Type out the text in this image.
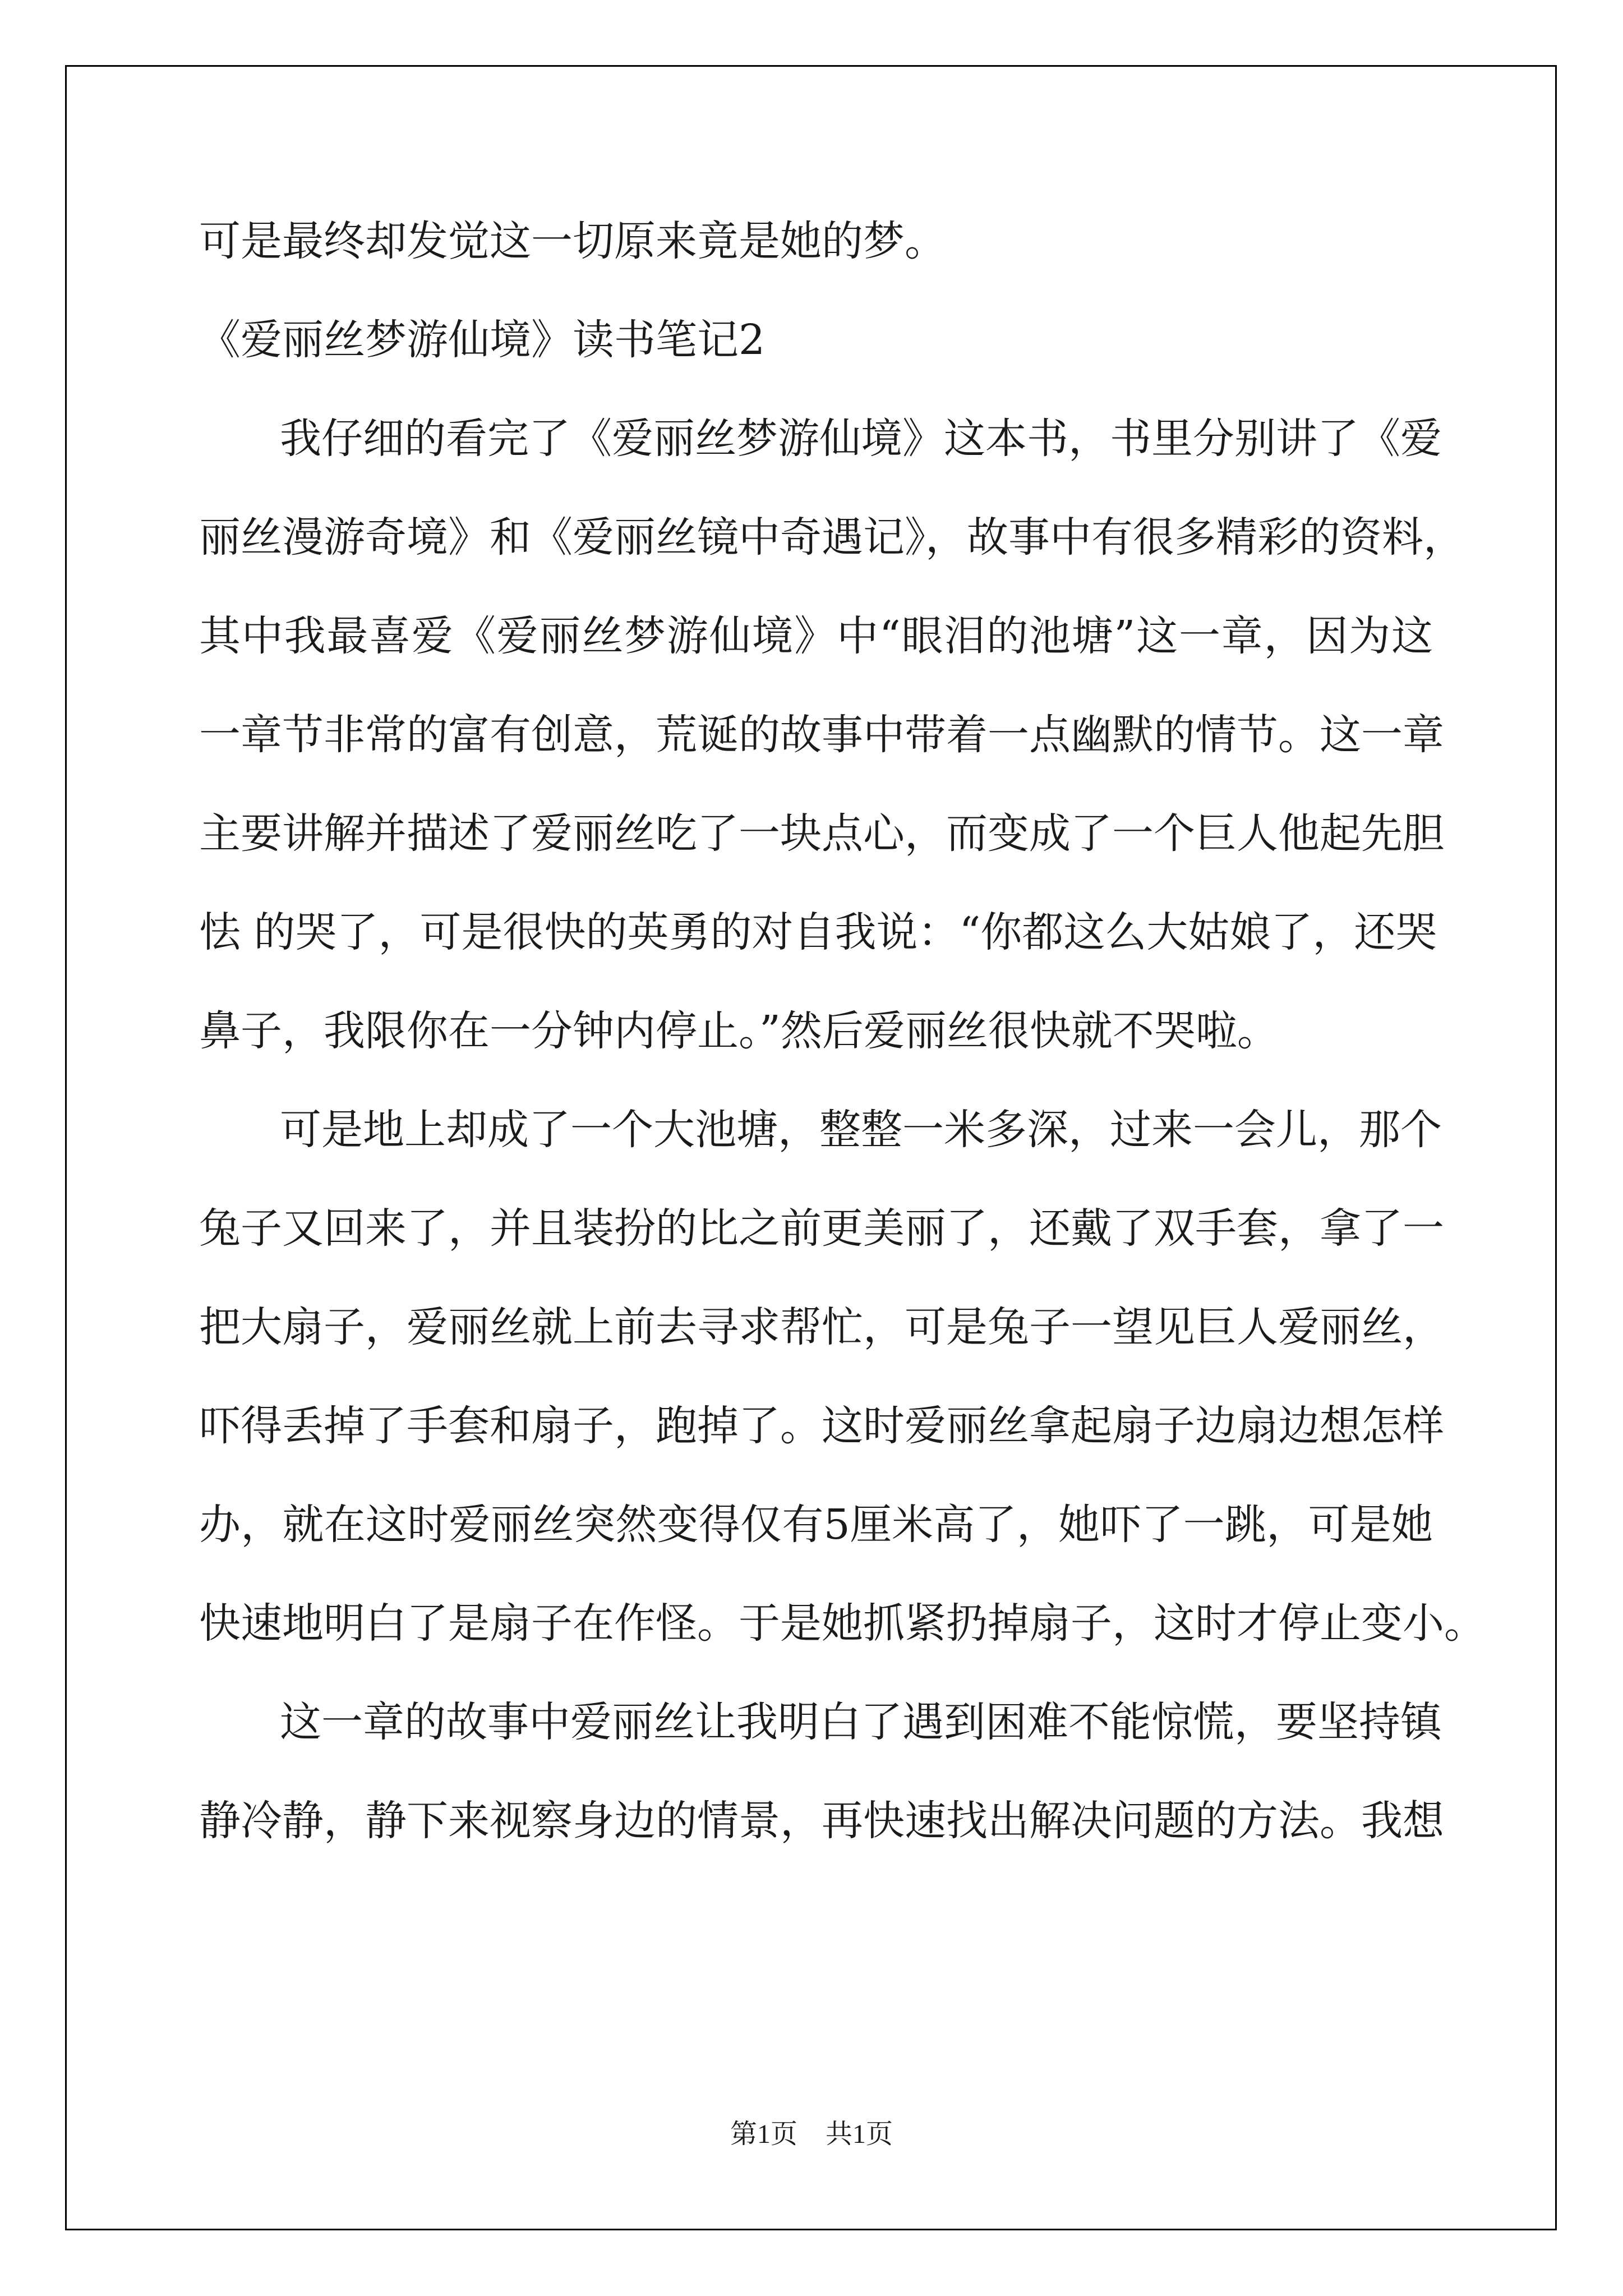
可是最终却发觉这一切原来竟是她的梦。
《爱丽丝梦游仙境》读书笔记2
我仔细的看完了《爱丽丝梦游仙境》这本书，书里分别讲了《爱
丽丝漫游奇境》和《爱丽丝镜中奇遇记》，故事中有很多精彩的资料，
其中我最喜爱《爱丽丝梦游仙境》中“眼泪的池塘”这一章，因为这
一章节非常的富有创意，荒诞的故事中带着一点幽默的情节。这一章
主要讲解并描述了爱丽丝吃了一块点心，而变成了一个巨人他起先胆
怯 的哭了，可是很快的英勇的对自我说：“你都这么大姑娘了，还哭
鼻子，我限你在一分钟内停止。”然后爱丽丝很快就不哭啦。
可是地上却成了一个大池塘，整整一米多深，过来一会儿，那个
兔子又回来了，并且装扮的比之前更美丽了，还戴了双手套，拿了一
把大扇子，爱丽丝就上前去寻求帮忙，可是兔子一望见巨人爱丽丝，
吓得丢掉了手套和扇子，跑掉了。这时爱丽丝拿起扇子边扇边想怎样
办，就在这时爱丽丝突然变得仅有5厘米高了，她吓了一跳，可是她
快速地明白了是扇子在作怪。于是她抓紧扔掉扇子，这时才停止变小。
这一章的故事中爱丽丝让我明白了遇到困难不能惊慌，要坚持镇
静冷静，静下来视察身边的情景，再快速找出解决问题的方法。我想
第1页 共1页
